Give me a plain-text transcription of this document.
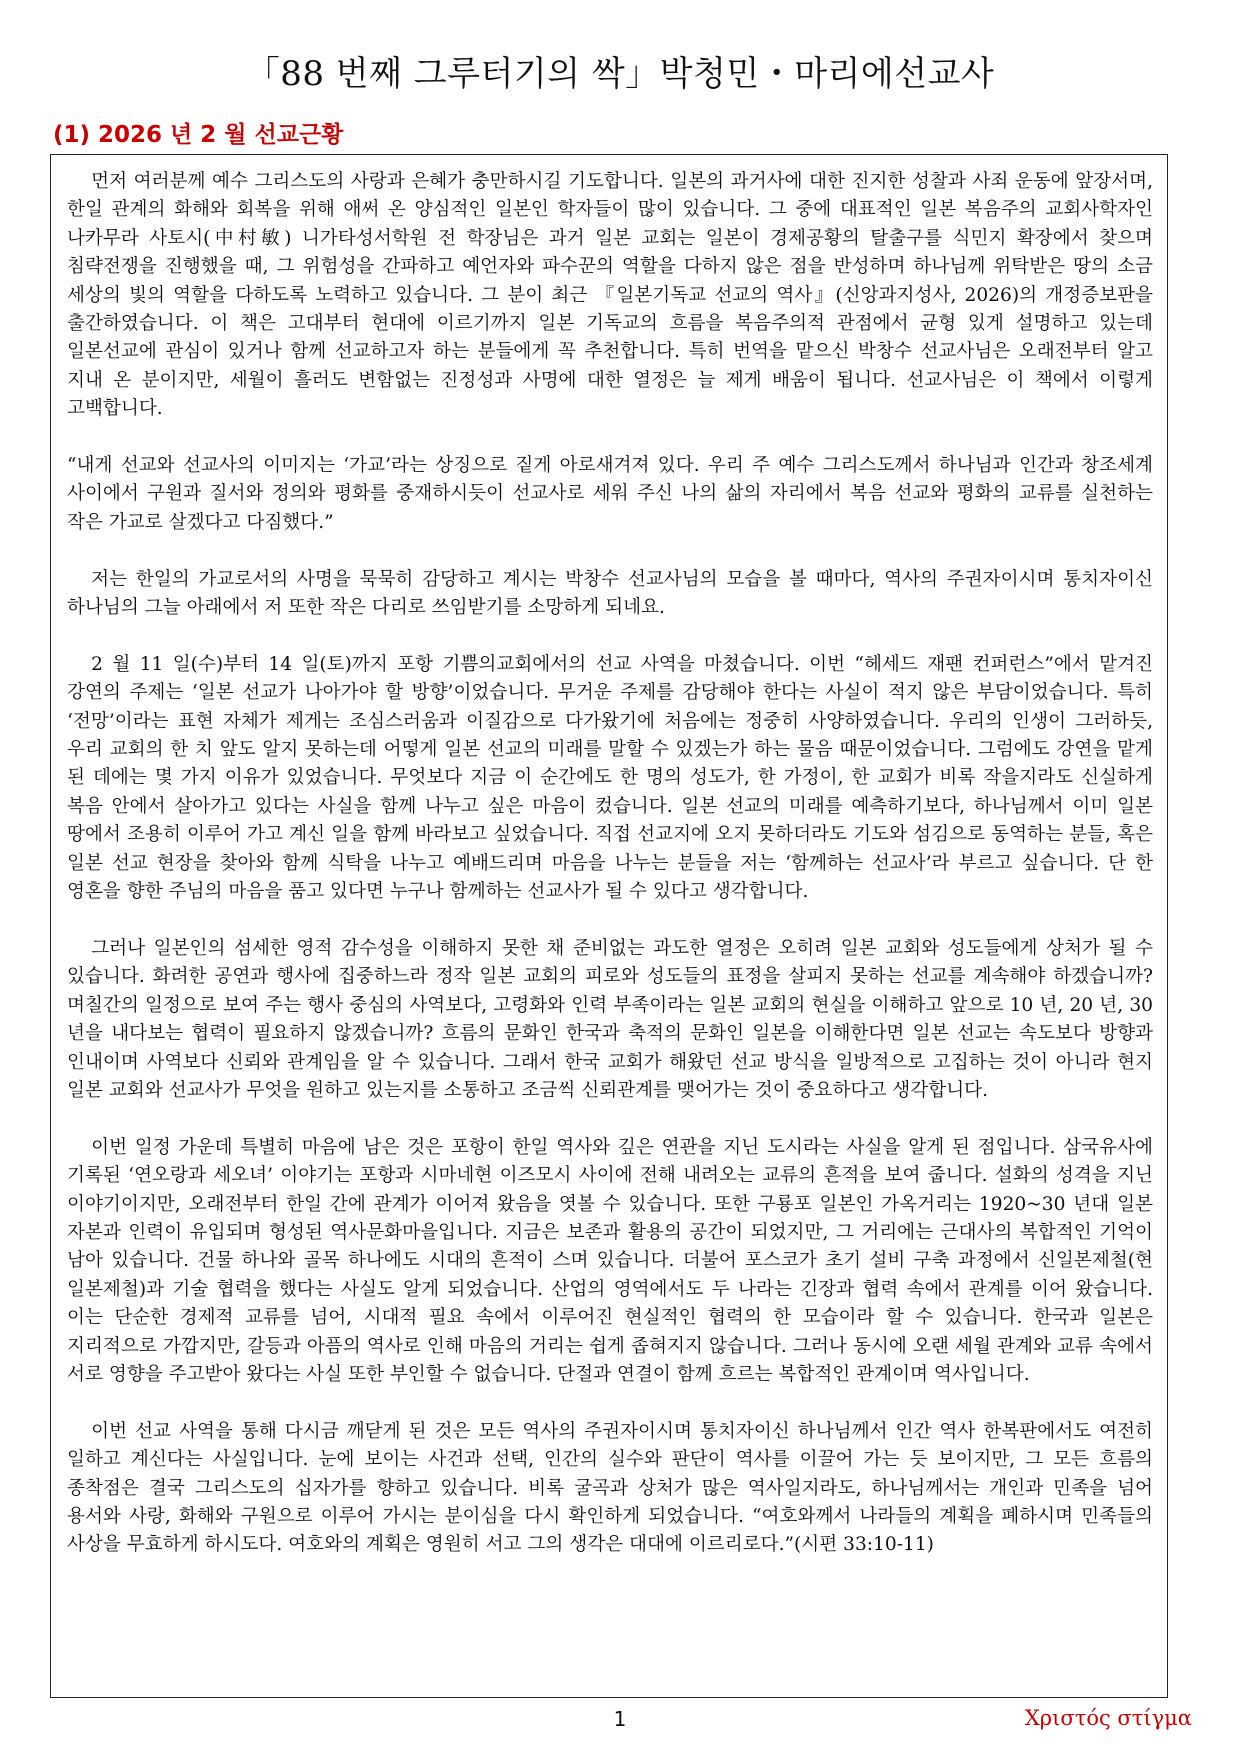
「88 번째 그루터기의 싹」박청민・마리에선교사
(1) 2026 년 2 월 선교근황

먼저 여러분께 예수 그리스도의 사랑과 은혜가 충만하시길 기도합니다. 일본의 과거사에 대한 진지한 성찰과 사죄 운동에 앞장서며, 한일 관계의 화해와 회복을 위해 애써 온 양심적인 일본인 학자들이 많이 있습니다. 그 중에 대표적인 일본 복음주의 교회사학자인 나카무라 사토시(中村敏) 니가타성서학원 전 학장님은 과거 일본 교회는 일본이 경제공황의 탈출구를 식민지 확장에서 찾으며 침략전쟁을 진행했을 때, 그 위험성을 간파하고 예언자와 파수꾼의 역할을 다하지 않은 점을 반성하며 하나님께 위탁받은 땅의 소금 세상의 빛의 역할을 다하도록 노력하고 있습니다. 그 분이 최근 『일본기독교 선교의 역사』(신앙과지성사, 2026)의 개정증보판을 출간하였습니다. 이 책은 고대부터 현대에 이르기까지 일본 기독교의 흐름을 복음주의적 관점에서 균형 있게 설명하고 있는데 일본선교에 관심이 있거나 함께 선교하고자 하는 분들에게 꼭 추천합니다. 특히 번역을 맡으신 박창수 선교사님은 오래전부터 알고 지내 온 분이지만, 세월이 흘러도 변함없는 진정성과 사명에 대한 열정은 늘 제게 배움이 됩니다. 선교사님은 이 책에서 이렇게 고백합니다.

“내게 선교와 선교사의 이미지는 ‘가교’라는 상징으로 짙게 아로새겨져 있다. 우리 주 예수 그리스도께서 하나님과 인간과 창조세계 사이에서 구원과 질서와 정의와 평화를 중재하시듯이 선교사로 세워 주신 나의 삶의 자리에서 복음 선교와 평화의 교류를 실천하는 작은 가교로 살겠다고 다짐했다.”

저는 한일의 가교로서의 사명을 묵묵히 감당하고 계시는 박창수 선교사님의 모습을 볼 때마다, 역사의 주권자이시며 통치자이신 하나님의 그늘 아래에서 저 또한 작은 다리로 쓰임받기를 소망하게 되네요.

2 월 11 일(수)부터 14 일(토)까지 포항 기쁨의교회에서의 선교 사역을 마쳤습니다. 이번 “헤세드 재팬 컨퍼런스”에서 맡겨진 강연의 주제는 ‘일본 선교가 나아가야 할 방향’이었습니다. 무거운 주제를 감당해야 한다는 사실이 적지 않은 부담이었습니다. 특히 ‘전망’이라는 표현 자체가 제게는 조심스러움과 이질감으로 다가왔기에 처음에는 정중히 사양하였습니다. 우리의 인생이 그러하듯, 우리 교회의 한 치 앞도 알지 못하는데 어떻게 일본 선교의 미래를 말할 수 있겠는가 하는 물음 때문이었습니다. 그럼에도 강연을 맡게 된 데에는 몇 가지 이유가 있었습니다. 무엇보다 지금 이 순간에도 한 명의 성도가, 한 가정이, 한 교회가 비록 작을지라도 신실하게 복음 안에서 살아가고 있다는 사실을 함께 나누고 싶은 마음이 컸습니다. 일본 선교의 미래를 예측하기보다, 하나님께서 이미 일본 땅에서 조용히 이루어 가고 계신 일을 함께 바라보고 싶었습니다. 직접 선교지에 오지 못하더라도 기도와 섬김으로 동역하는 분들, 혹은 일본 선교 현장을 찾아와 함께 식탁을 나누고 예배드리며 마음을 나누는 분들을 저는 ‘함께하는 선교사’라 부르고 싶습니다. 단 한 영혼을 향한 주님의 마음을 품고 있다면 누구나 함께하는 선교사가 될 수 있다고 생각합니다.

그러나 일본인의 섬세한 영적 감수성을 이해하지 못한 채 준비없는 과도한 열정은 오히려 일본 교회와 성도들에게 상처가 될 수 있습니다. 화려한 공연과 행사에 집중하느라 정작 일본 교회의 피로와 성도들의 표정을 살피지 못하는 선교를 계속해야 하겠습니까? 며칠간의 일정으로 보여 주는 행사 중심의 사역보다, 고령화와 인력 부족이라는 일본 교회의 현실을 이해하고 앞으로 10 년, 20 년, 30 년을 내다보는 협력이 필요하지 않겠습니까? 흐름의 문화인 한국과 축적의 문화인 일본을 이해한다면 일본 선교는 속도보다 방향과 인내이며 사역보다 신뢰와 관계임을 알 수 있습니다. 그래서 한국 교회가 해왔던 선교 방식을 일방적으로 고집하는 것이 아니라 현지 일본 교회와 선교사가 무엇을 원하고 있는지를 소통하고 조금씩 신뢰관계를 맺어가는 것이 중요하다고 생각합니다.

이번 일정 가운데 특별히 마음에 남은 것은 포항이 한일 역사와 깊은 연관을 지닌 도시라는 사실을 알게 된 점입니다. 삼국유사에 기록된 ‘연오랑과 세오녀’ 이야기는 포항과 시마네현 이즈모시 사이에 전해 내려오는 교류의 흔적을 보여 줍니다. 설화의 성격을 지닌 이야기이지만, 오래전부터 한일 간에 관계가 이어져 왔음을 엿볼 수 있습니다. 또한 구룡포 일본인 가옥거리는 1920~30 년대 일본 자본과 인력이 유입되며 형성된 역사문화마을입니다. 지금은 보존과 활용의 공간이 되었지만, 그 거리에는 근대사의 복합적인 기억이 남아 있습니다. 건물 하나와 골목 하나에도 시대의 흔적이 스며 있습니다. 더불어 포스코가 초기 설비 구축 과정에서 신일본제철(현 일본제철)과 기술 협력을 했다는 사실도 알게 되었습니다. 산업의 영역에서도 두 나라는 긴장과 협력 속에서 관계를 이어 왔습니다. 이는 단순한 경제적 교류를 넘어, 시대적 필요 속에서 이루어진 현실적인 협력의 한 모습이라 할 수 있습니다. 한국과 일본은 지리적으로 가깝지만, 갈등과 아픔의 역사로 인해 마음의 거리는 쉽게 좁혀지지 않습니다. 그러나 동시에 오랜 세월 관계와 교류 속에서 서로 영향을 주고받아 왔다는 사실 또한 부인할 수 없습니다. 단절과 연결이 함께 흐르는 복합적인 관계이며 역사입니다.

이번 선교 사역을 통해 다시금 깨닫게 된 것은 모든 역사의 주권자이시며 통치자이신 하나님께서 인간 역사 한복판에서도 여전히 일하고 계신다는 사실입니다. 눈에 보이는 사건과 선택, 인간의 실수와 판단이 역사를 이끌어 가는 듯 보이지만, 그 모든 흐름의 종착점은 결국 그리스도의 십자가를 향하고 있습니다. 비록 굴곡과 상처가 많은 역사일지라도, 하나님께서는 개인과 민족을 넘어 용서와 사랑, 화해와 구원으로 이루어 가시는 분이심을 다시 확인하게 되었습니다. “여호와께서 나라들의 계획을 폐하시며 민족들의 사상을 무효하게 하시도다. 여호와의 계획은 영원히 서고 그의 생각은 대대에 이르리로다.”(시편 33:10-11)

1	Χριστός στίγμα
